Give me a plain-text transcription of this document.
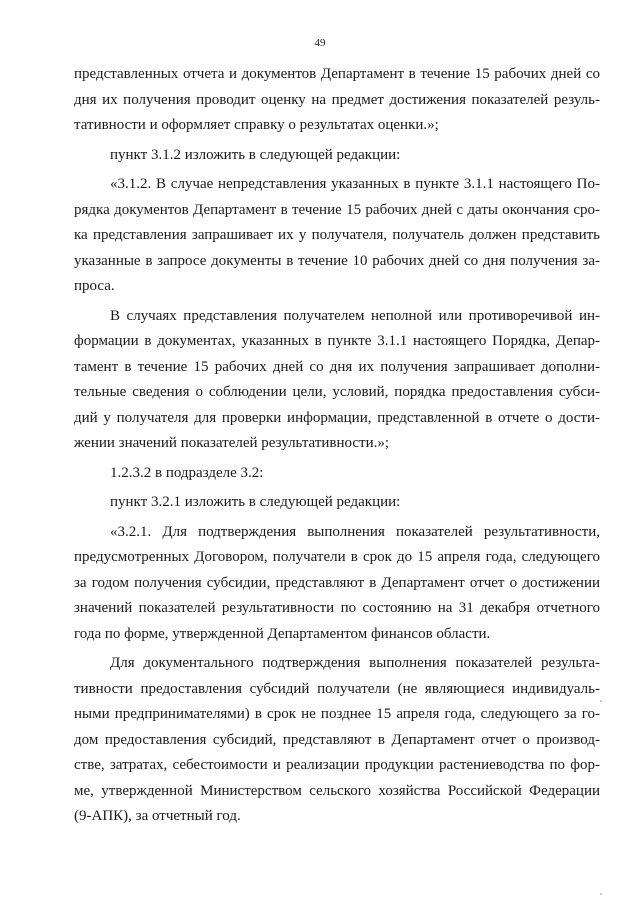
49
представленных отчета и документов Департамент в течение 15 рабочих дней со
дня их получения проводит оценку на предмет достижения показателей резуль-
тативности и оформляет справку о результатах оценки.»;
пункт 3.1.2 изложить в следующей редакции:
«3.1.2. В случае непредставления указанных в пункте 3.1.1 настоящего По-
рядка документов Департамент в течение 15 рабочих дней с даты окончания сро-
ка представления запрашивает их у получателя, получатель должен представить
указанные в запросе документы в течение 10 рабочих дней со дня получения за-
проса.
В случаях представления получателем неполной или противоречивой ин-
формации в документах, указанных в пункте 3.1.1 настоящего Порядка, Депар-
тамент в течение 15 рабочих дней со дня их получения запрашивает дополни-
тельные сведения о соблюдении цели, условий, порядка предоставления субси-
дий у получателя для проверки информации, представленной в отчете о дости-
жении значений показателей результативности.»;
1.2.3.2 в подразделе 3.2:
пункт 3.2.1 изложить в следующей редакции:
«3.2.1. Для подтверждения выполнения показателей результативности,
предусмотренных Договором, получатели в срок до 15 апреля года, следующего
за годом получения субсидии, представляют в Департамент отчет о достижении
значений показателей результативности по состоянию на 31 декабря отчетного
года по форме, утвержденной Департаментом финансов области.
Для документального подтверждения выполнения показателей результа-
тивности предоставления субсидий получатели (не являющиеся индивидуаль-
ными предпринимателями) в срок не позднее 15 апреля года, следующего за го-
дом предоставления субсидий, представляют в Департамент отчет о производ-
стве, затратах, себестоимости и реализации продукции растениеводства по фор-
ме, утвержденной Министерством сельского хозяйства Российской Федерации
(9-АПК), за отчетный год.
